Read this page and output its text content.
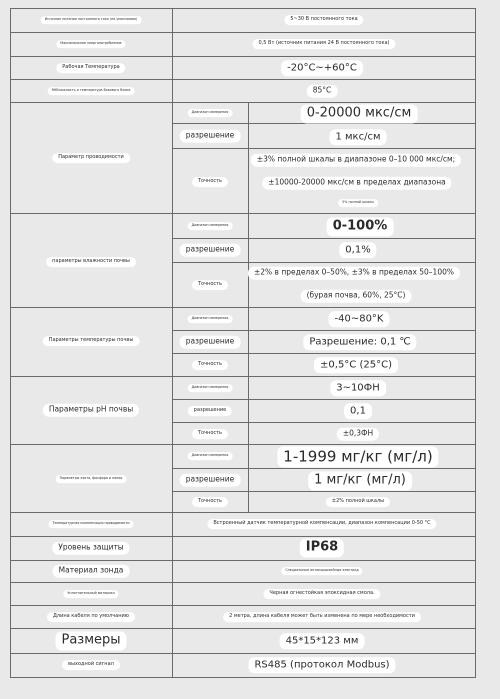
Источник питания постоянного тока (по умолчанию)	5~30 В постоянного тока
Максимальное энергопотребление	0,5 Вт (источник питания 24 В постоянного тока)
Рабочая Температура	-20°C~+60°C
RHВлажность и температура базового блока	85°C
Параметр проводимости
Диапазон измерения	0-20000 мкс/см
разрешение	1 мкс/см
Точность
±3% полной шкалы в диапазоне 0–10 000 мкс/см;
±10000-20000 мкс/см в пределах диапазона
5% полной шкалы
параметры влажности почвы
Диапазон измерения	0-100%
разрешение	0,1%
Точность
±2% в пределах 0–50%, ±3% в пределах 50–100%
(бурая почва, 60%, 25°C)
Параметры температуры почвы
Диапазон измерения	-40~80°K
разрешение	Разрешение: 0,1 ℃
Точность	±0,5°C (25°C)
Параметры pH почвы
Диапазон измерения	3~10ФН
разрешение	0,1
Точность	±0,3ФН
Параметры азота, фосфора и калия
Диапазон измерения	1-1999 мг/кг (мг/л)
разрешение	1 мг/кг (мг/л)
Точность	±2% полной шкалы
Температурная компенсация проводимости	Встроенный датчик температурной компенсации, диапазон компенсации 0-50 °C
Уровень защиты	IP68
Материал зонда	Специальные антикоррозийные электрод
Уплотнительный материал	Черная огнестойкая эпоксидная смола.
Длина кабеля по умолчанию	2 метра, длина кабеля может быть изменена по мере необходимости
Размеры	45*15*123 мм
выходной сигнал	RS485 (протокол Modbus)
